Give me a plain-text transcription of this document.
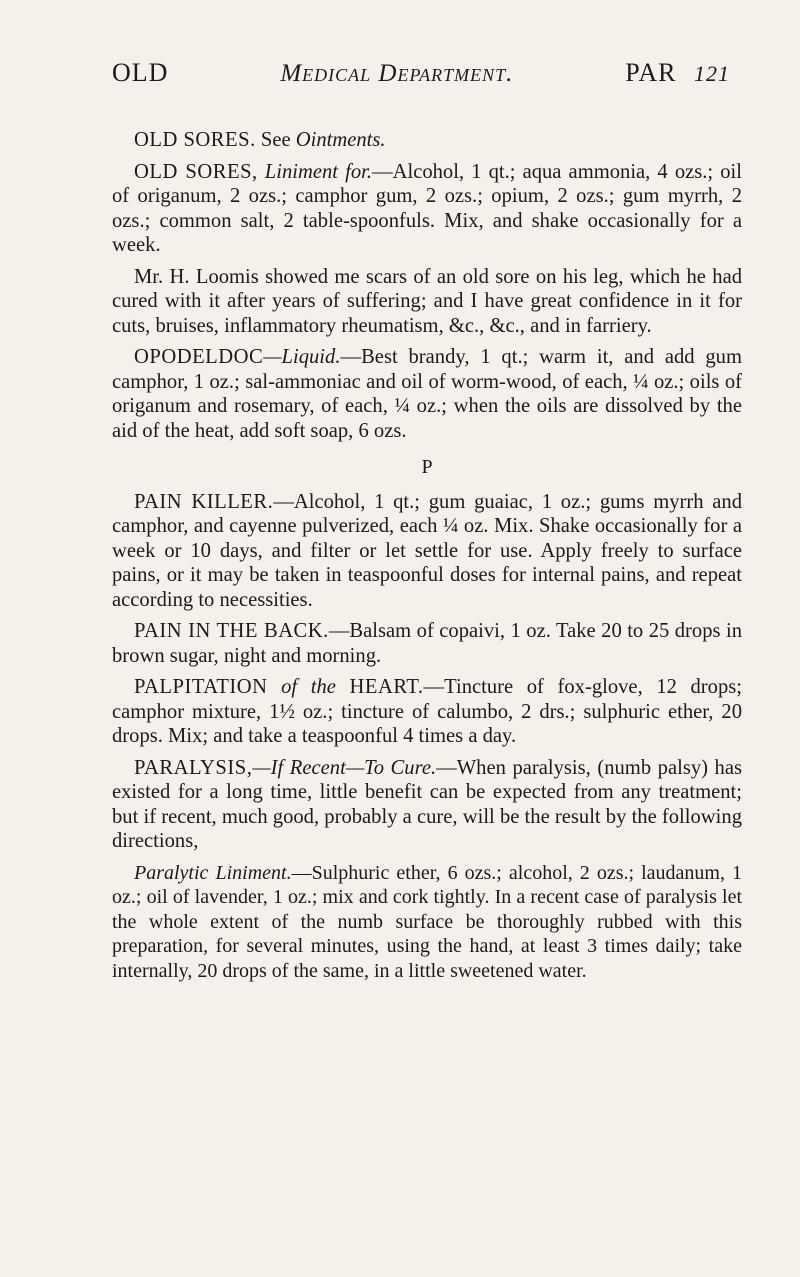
OLD	Medical Department.	PAR 121

OLD SORES. See Ointments.

OLD SORES, Liniment for.—Alcohol, 1 qt.; aqua ammonia, 4 ozs.; oil of origanum, 2 ozs.; camphor gum, 2 ozs.; opium, 2 ozs.; gum myrrh, 2 ozs.; common salt, 2 table-spoonfuls. Mix, and shake occasionally for a week.

Mr. H. Loomis showed me scars of an old sore on his leg, which he had cured with it after years of suffering; and I have great confidence in it for cuts, bruises, inflammatory rheumatism, &c., &c., and in farriery.

OPODELDOC—Liquid.—Best brandy, 1 qt.; warm it, and add gum camphor, 1 oz.; sal-ammoniac and oil of worm-wood, of each, ¼ oz.; oils of origanum and rosemary, of each, ¼ oz.; when the oils are dissolved by the aid of the heat, add soft soap, 6 ozs.

P

PAIN KILLER.—Alcohol, 1 qt.; gum guaiac, 1 oz.; gums myrrh and camphor, and cayenne pulverized, each ¼ oz. Mix. Shake occasionally for a week or 10 days, and filter or let settle for use. Apply freely to surface pains, or it may be taken in teaspoonful doses for internal pains, and repeat according to necessities.

PAIN IN THE BACK.—Balsam of copaivi, 1 oz. Take 20 to 25 drops in brown sugar, night and morning.

PALPITATION of the HEART.—Tincture of fox-glove, 12 drops; camphor mixture, 1½ oz.; tincture of calumbo, 2 drs.; sulphuric ether, 20 drops. Mix; and take a teaspoonful 4 times a day.

PARALYSIS,—If Recent—To Cure.—When paralysis, (numb palsy) has existed for a long time, little benefit can be expected from any treatment; but if recent, much good, probably a cure, will be the result by the following directions,

Paralytic Liniment.—Sulphuric ether, 6 ozs.; alcohol, 2 ozs.; laudanum, 1 oz.; oil of lavender, 1 oz.; mix and cork tightly. In a recent case of paralysis let the whole extent of the numb surface be thoroughly rubbed with this preparation, for several minutes, using the hand, at least 3 times daily; take internally, 20 drops of the same, in a little sweetened water.
